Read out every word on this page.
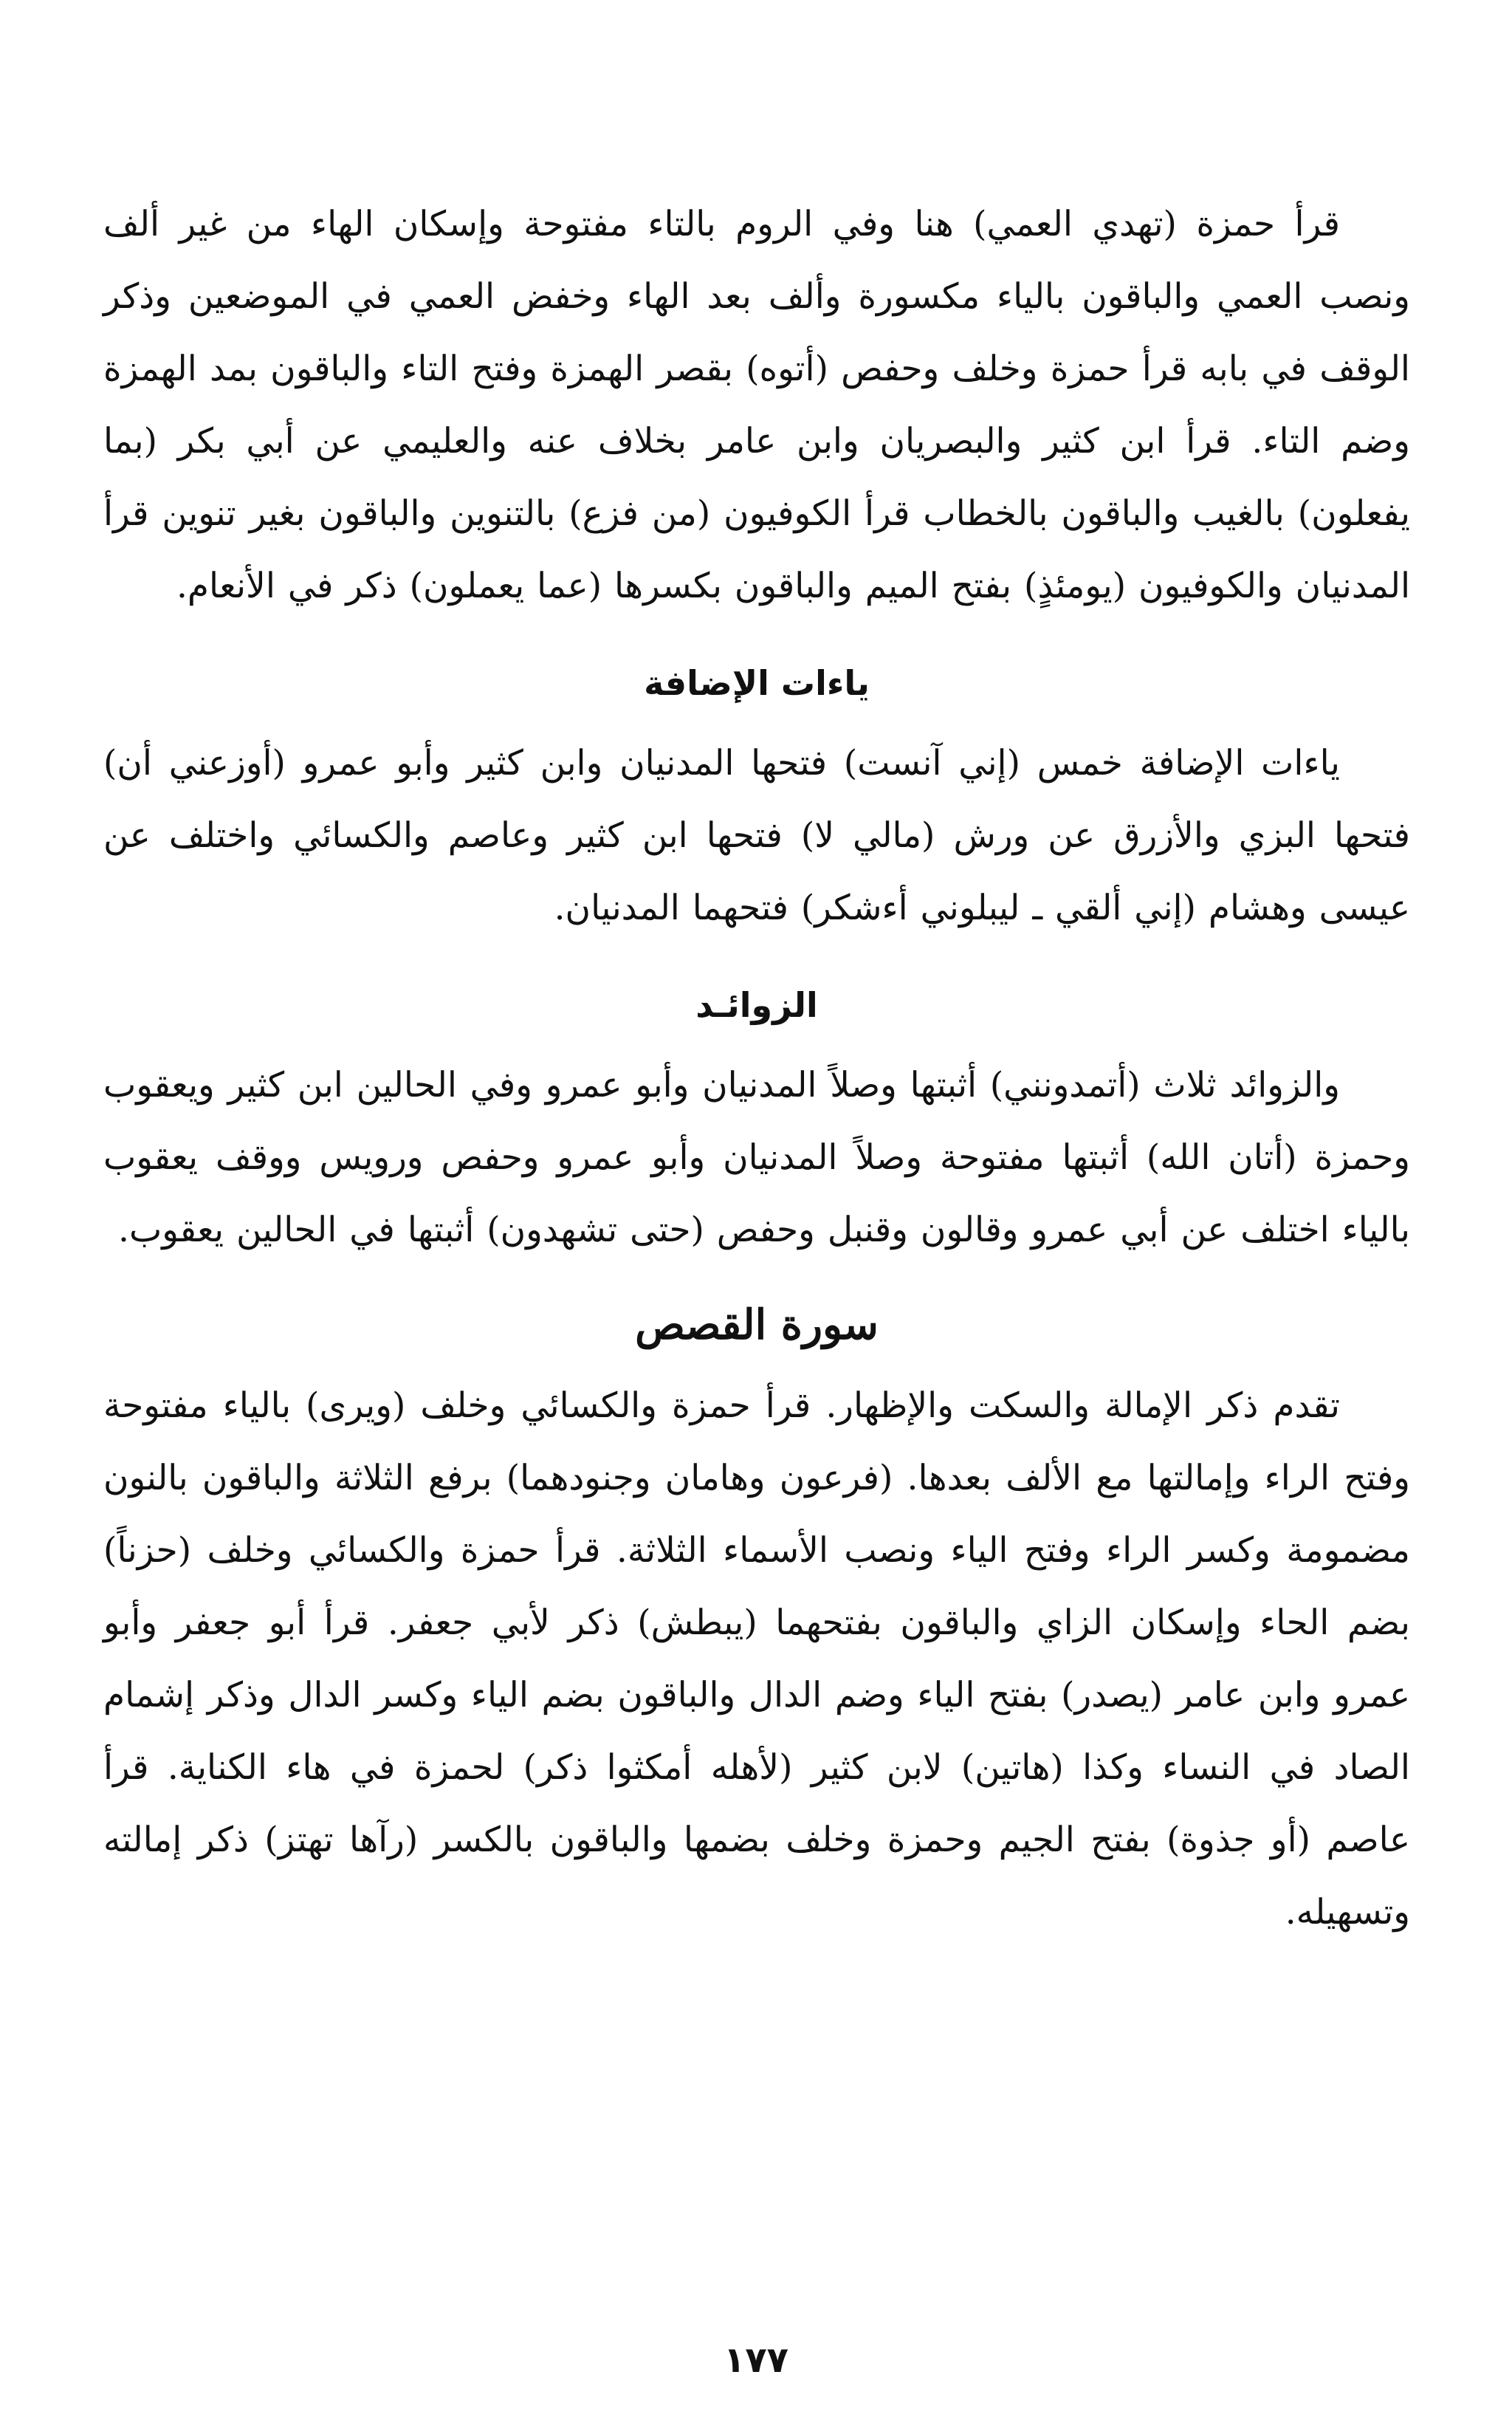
قرأ حمزة (تهدي العمي) هنا وفي الروم بالتاء مفتوحة وإسكان الهاء من غير ألف ونصب العمي والباقون بالياء مكسورة وألف بعد الهاء وخفض العمي في الموضعين وذكر الوقف في بابه قرأ حمزة وخلف وحفص (أتوه) بقصر الهمزة وفتح التاء والباقون بمد الهمزة وضم التاء. قرأ ابن كثير والبصريان وابن عامر بخلاف عنه والعليمي عن أبي بكر (بما يفعلون) بالغيب والباقون بالخطاب قرأ الكوفيون (من فزع) بالتنوين والباقون بغير تنوين قرأ المدنيان والكوفيون (يومئذٍ) بفتح الميم والباقون بكسرها (عما يعملون) ذكر في الأنعام.

ياءات الإضافة

ياءات الإضافة خمس (إني آنست) فتحها المدنيان وابن كثير وأبو عمرو (أوزعني أن) فتحها البزي والأزرق عن ورش (مالي لا) فتحها ابن كثير وعاصم والكسائي واختلف عن عيسى وهشام (إني ألقي ـ ليبلوني أءشكر) فتحهما المدنيان.

الزوائـد

والزوائد ثلاث (أتمدونني) أثبتها وصلاً المدنيان وأبو عمرو وفي الحالين ابن كثير ويعقوب وحمزة (أتان الله) أثبتها مفتوحة وصلاً المدنيان وأبو عمرو وحفص ورويس ووقف يعقوب بالياء اختلف عن أبي عمرو وقالون وقنبل وحفص (حتى تشهدون) أثبتها في الحالين يعقوب.

سورة القصص

تقدم ذكر الإمالة والسكت والإظهار. قرأ حمزة والكسائي وخلف (ويرى) بالياء مفتوحة وفتح الراء وإمالتها مع الألف بعدها. (فرعون وهامان وجنودهما) برفع الثلاثة والباقون بالنون مضمومة وكسر الراء وفتح الياء ونصب الأسماء الثلاثة. قرأ حمزة والكسائي وخلف (حزناً) بضم الحاء وإسكان الزاي والباقون بفتحهما (يبطش) ذكر لأبي جعفر. قرأ أبو جعفر وأبو عمرو وابن عامر (يصدر) بفتح الياء وضم الدال والباقون بضم الياء وكسر الدال وذكر إشمام الصاد في النساء وكذا (هاتين) لابن كثير (لأهله أمكثوا ذكر) لحمزة في هاء الكناية. قرأ عاصم (أو جذوة) بفتح الجيم وحمزة وخلف بضمها والباقون بالكسر (رآها تهتز) ذكر إمالته وتسهيله.

١٧٧
